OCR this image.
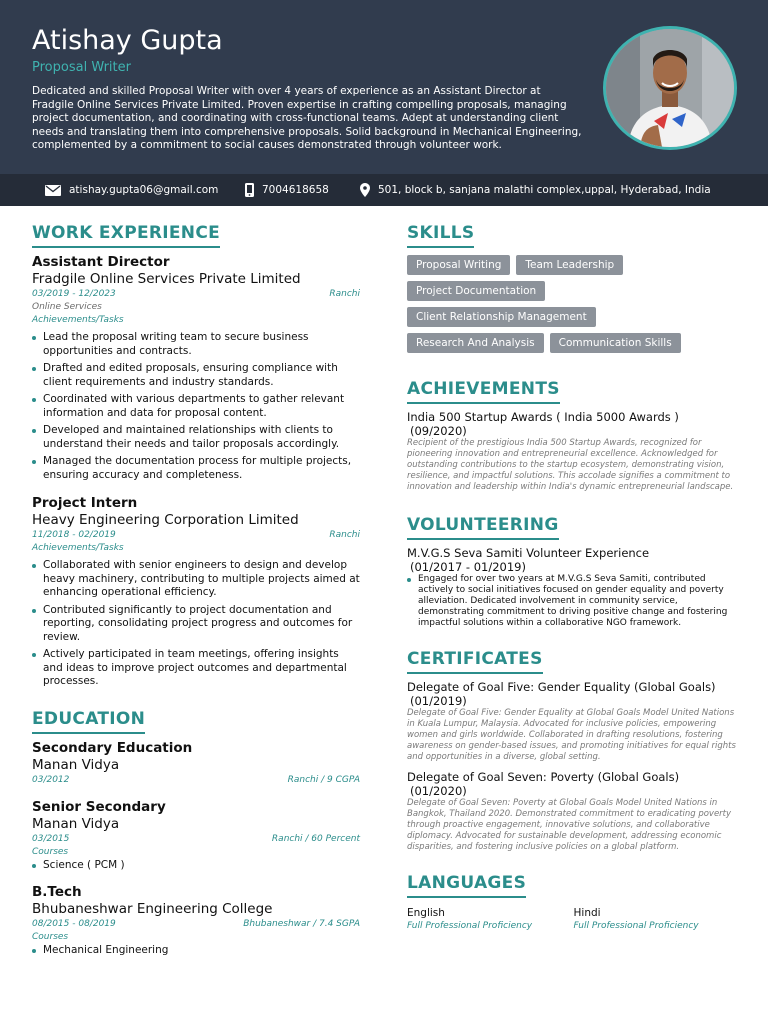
Atishay Gupta
Proposal Writer

Dedicated and skilled Proposal Writer with over 4 years of experience as an Assistant Director at Fradgile Online Services Private Limited. Proven expertise in crafting compelling proposals, managing project documentation, and coordinating with cross-functional teams. Adept at understanding client needs and translating them into comprehensive proposals. Solid background in Mechanical Engineering, complemented by a commitment to social causes demonstrated through volunteer work.

atishay.gupta06@gmail.com	7004618658	501, block b, sanjana malathi complex,uppal, Hyderabad, India
WORK EXPERIENCE
Assistant Director
Fradgile Online Services Private Limited
03/2019 - 12/2023	Ranchi
Online Services
Achievements/Tasks
Lead the proposal writing team to secure business opportunities and contracts.
Drafted and edited proposals, ensuring compliance with client requirements and industry standards.
Coordinated with various departments to gather relevant information and data for proposal content.
Developed and maintained relationships with clients to understand their needs and tailor proposals accordingly.
Managed the documentation process for multiple projects, ensuring accuracy and completeness.
Project Intern
Heavy Engineering Corporation Limited
11/2018 - 02/2019	Ranchi
Achievements/Tasks
Collaborated with senior engineers to design and develop heavy machinery, contributing to multiple projects aimed at enhancing operational efficiency.
Contributed significantly to project documentation and reporting, consolidating project progress and outcomes for review.
Actively participated in team meetings, offering insights and ideas to improve project outcomes and departmental processes.
EDUCATION
Secondary Education
Manan Vidya
03/2012	Ranchi / 9 CGPA
Senior Secondary
Manan Vidya
03/2015	Ranchi / 60 Percent
Courses
Science ( PCM )
B.Tech
Bhubaneshwar Engineering College
08/2015 - 08/2019	Bhubaneshwar / 7.4 SGPA
Courses
Mechanical Engineering
SKILLS
Proposal Writing	Team Leadership
Project Documentation
Client Relationship Management
Research And Analysis	Communication Skills
ACHIEVEMENTS
India 500 Startup Awards ( India 5000 Awards )
(09/2020)

Recipient of the prestigious India 500 Startup Awards, recognized for pioneering innovation and entrepreneurial excellence. Acknowledged for outstanding contributions to the startup ecosystem, demonstrating vision, resilience, and impactful solutions. This accolade signifies a commitment to innovation and leadership within India's dynamic entrepreneurial landscape.

VOLUNTEERING
M.V.G.S Seva Samiti Volunteer Experience
(01/2017 - 01/2019)
Engaged for over two years at M.V.G.S Seva Samiti, contributed actively to social initiatives focused on gender equality and poverty alleviation. Dedicated involvement in community service, demonstrating commitment to driving positive change and fostering impactful solutions within a collaborative NGO framework.
CERTIFICATES
Delegate of Goal Five: Gender Equality (Global Goals)
(01/2019)

Delegate of Goal Five: Gender Equality at Global Goals Model United Nations in Kuala Lumpur, Malaysia. Advocated for inclusive policies, empowering women and girls worldwide. Collaborated in drafting resolutions, fostering awareness on gender-based issues, and promoting initiatives for equal rights and opportunities in a diverse, global setting.

Delegate of Goal Seven: Poverty (Global Goals)
(01/2020)

Delegate of Goal Seven: Poverty at Global Goals Model United Nations in Bangkok, Thailand 2020. Demonstrated commitment to eradicating poverty through proactive engagement, innovative solutions, and collaborative diplomacy. Advocated for sustainable development, addressing economic disparities, and fostering inclusive policies on a global platform.

LANGUAGES
English
Full Professional Proficiency
Hindi
Full Professional Proficiency
